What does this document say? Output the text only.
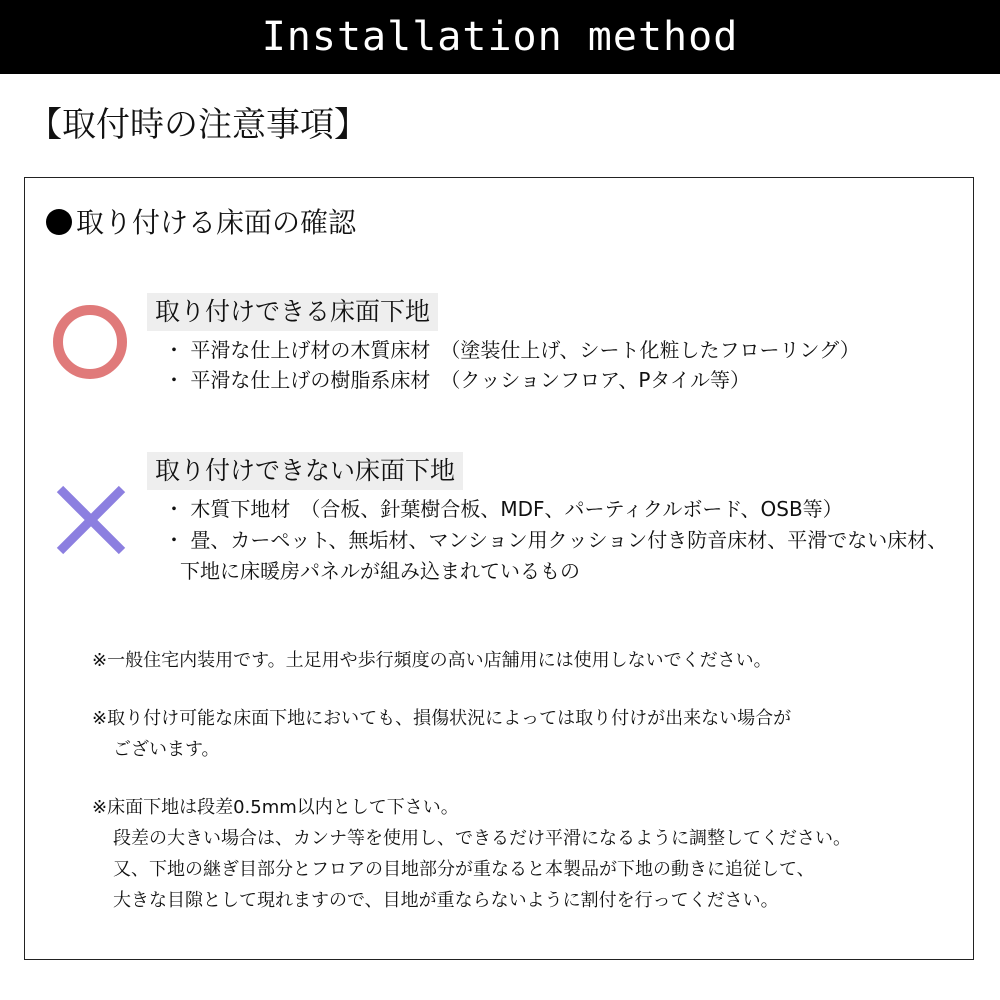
Installation method
【取付時の注意事項】
取り付ける床面の確認
取り付けできる床面下地
・ 平滑な仕上げ材の木質床材　（塗装仕上げ、シート化粧したフローリング）
・ 平滑な仕上げの樹脂系床材　（クッションフロア、Pタイル等）
取り付けできない床面下地
・ 木質下地材　（合板、針葉樹合板、MDF、パーティクルボード、OSB等）
・ 畳、カーペット、無垢材、マンション用クッション付き防音床材、平滑でない床材、
下地に床暖房パネルが組み込まれているもの
※一般住宅内装用です。土足用や歩行頻度の高い店舗用には使用しないでください。
※取り付け可能な床面下地においても、損傷状況によっては取り付けが出来ない場合が
ございます。
※床面下地は段差0.5mm以内として下さい。
段差の大きい場合は、カンナ等を使用し、できるだけ平滑になるように調整してください。
又、下地の継ぎ目部分とフロアの目地部分が重なると本製品が下地の動きに追従して、
大きな目隙として現れますので、目地が重ならないように割付を行ってください。
